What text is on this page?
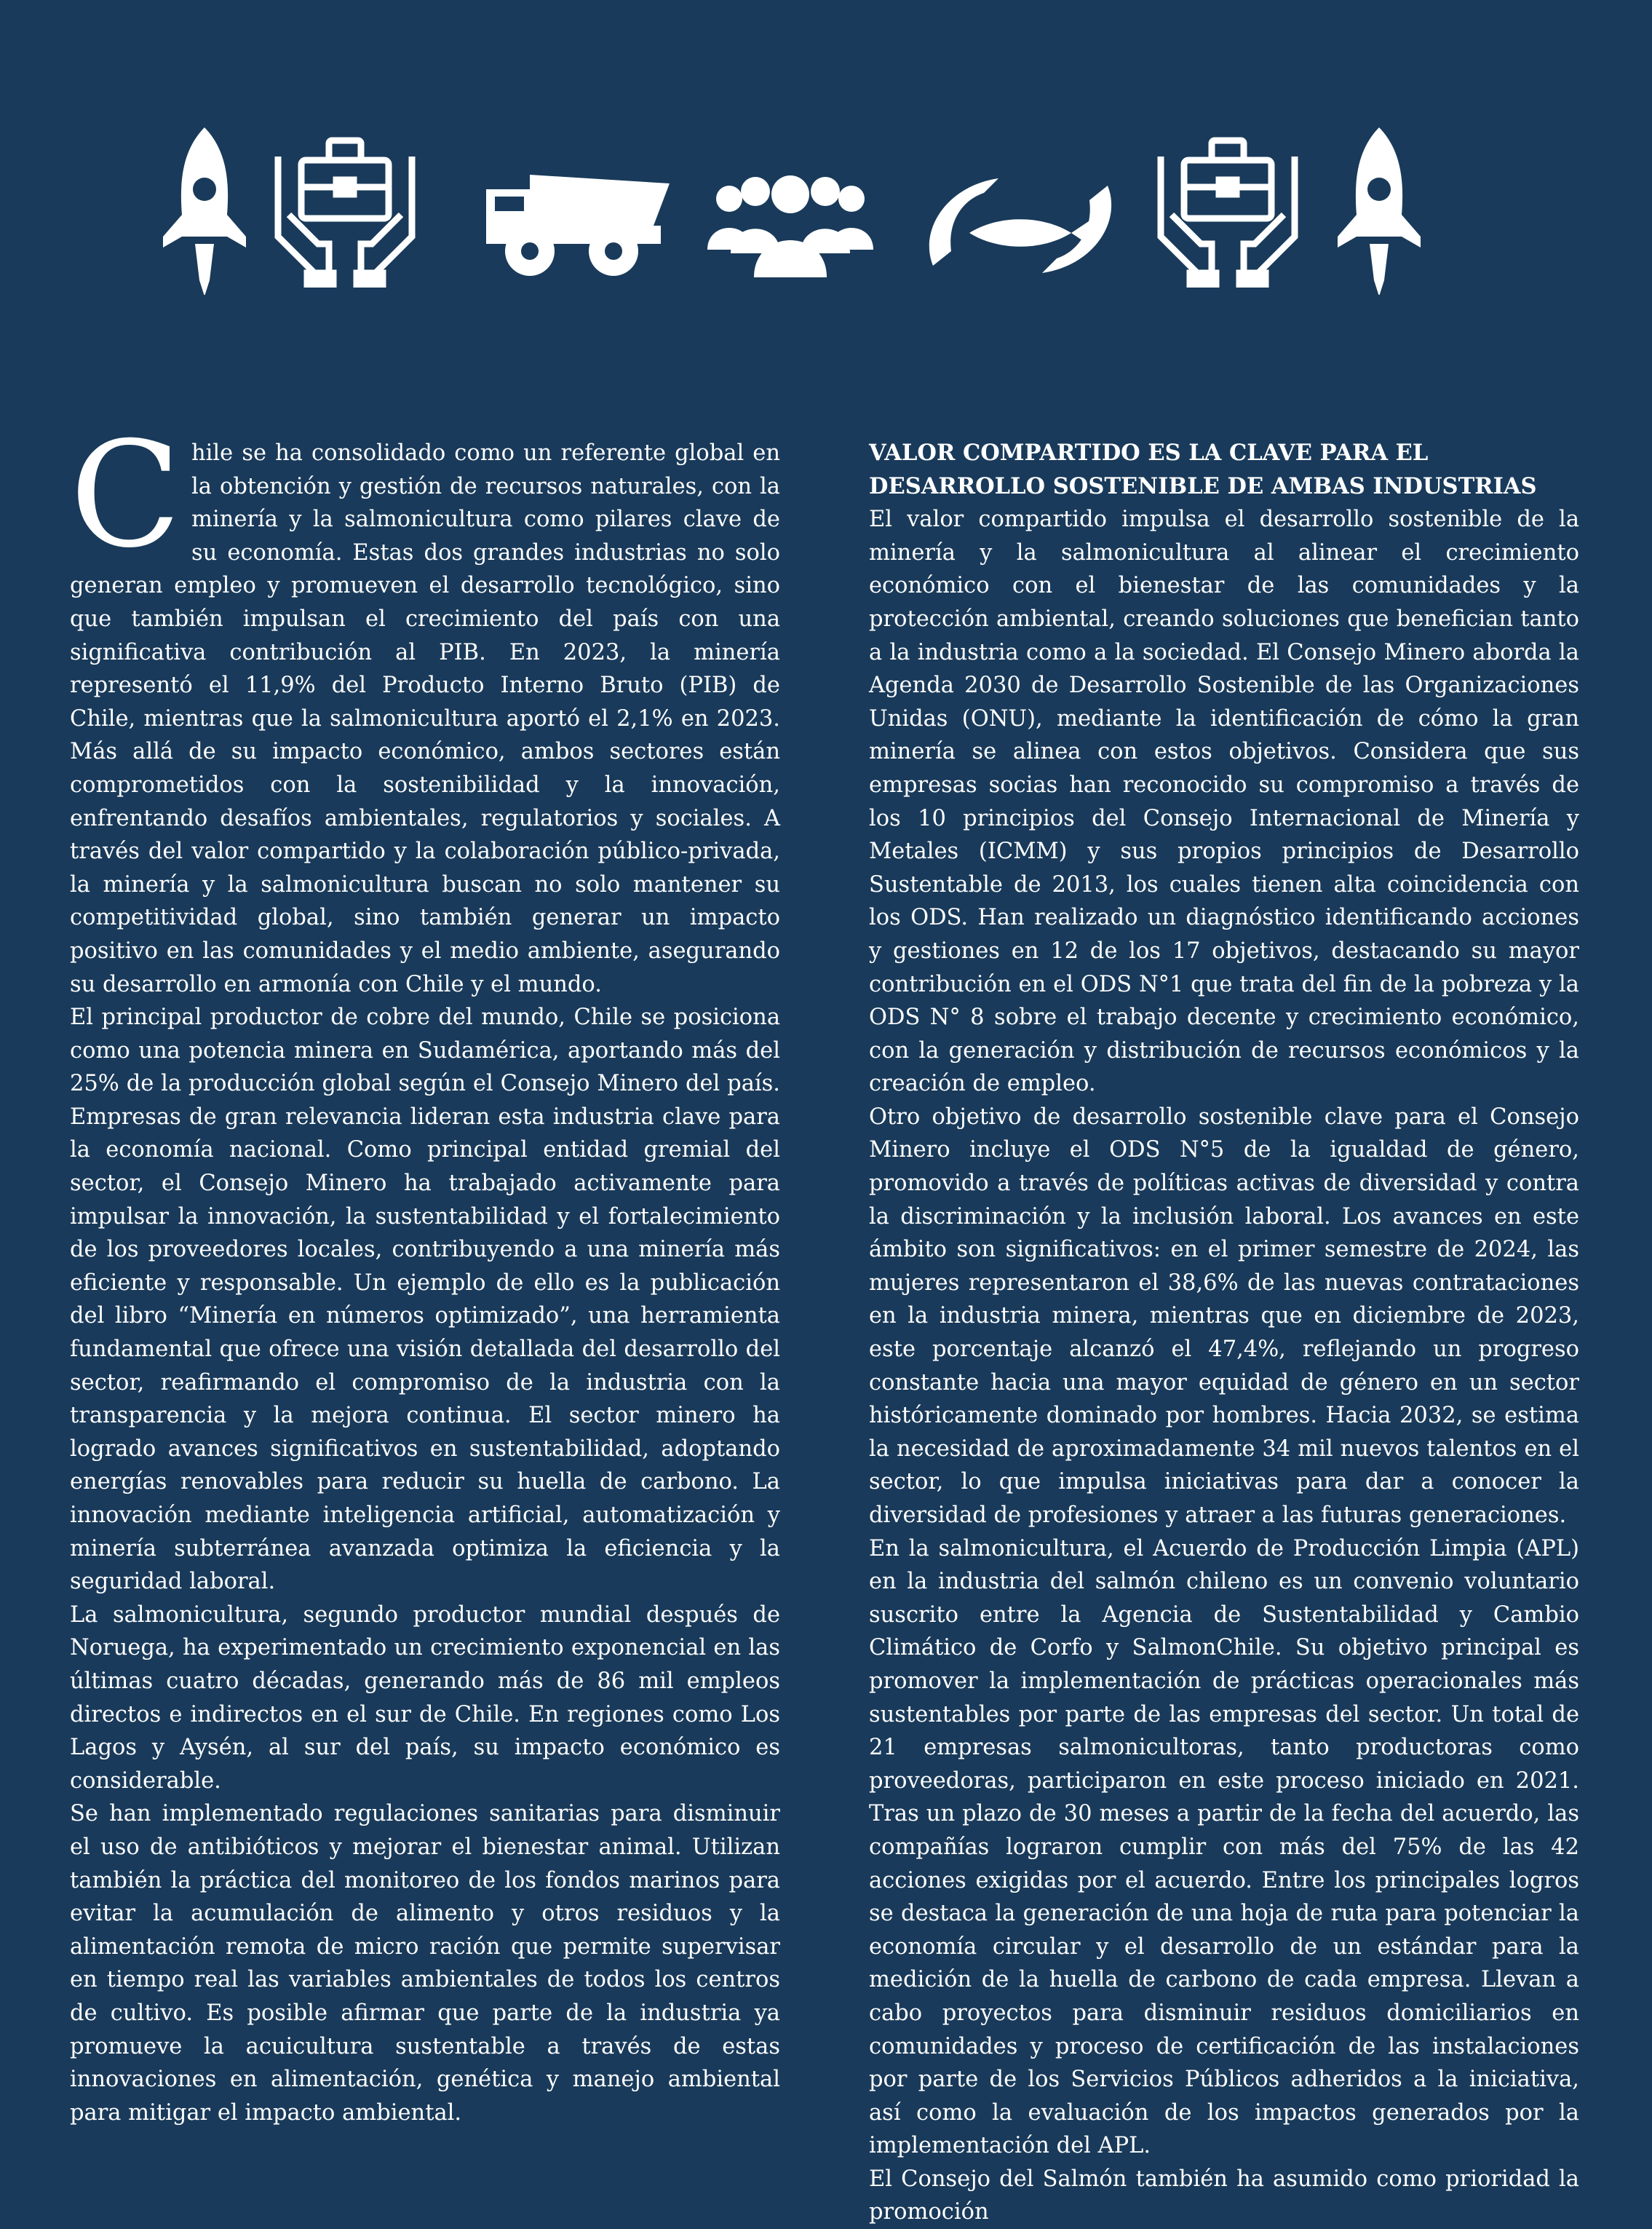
C hile se ha consolidado como un referente global en la obtención y gestión de recursos naturales, con la minería y la salmonicultura como pilares clave de su economía. Estas dos grandes industrias no solo generan empleo y promueven el desarrollo tecnológico, sino que también impulsan el crecimiento del país con una significativa contribución al PIB. En 2023, la minería representó el 11,9% del Producto Interno Bruto (PIB) de Chile, mientras que la salmonicultura aportó el 2,1% en 2023. Más allá de su impacto económico, ambos sectores están comprometidos con la sostenibilidad y la innovación, enfrentando desafíos ambientales, regulatorios y sociales. A través del valor compartido y la colaboración público-privada, la minería y la salmonicultura buscan no solo mantener su competitividad global, sino también generar un impacto positivo en las comunidades y el medio ambiente, asegurando su desarrollo en armonía con Chile y el mundo.

El principal productor de cobre del mundo, Chile se posiciona como una potencia minera en Sudamérica, aportando más del 25% de la producción global según el Consejo Minero del país. Empresas de gran relevancia lideran esta industria clave para la economía nacional. Como principal entidad gremial del sector, el Consejo Minero ha trabajado activamente para impulsar la innovación, la sustentabilidad y el fortalecimiento de los proveedores locales, contribuyendo a una minería más eficiente y responsable. Un ejemplo de ello es la publicación del libro “Minería en números optimizado”, una herramienta fundamental que ofrece una visión detallada del desarrollo del sector, reafirmando el compromiso de la industria con la transparencia y la mejora continua. El sector minero ha logrado avances significativos en sustentabilidad, adoptando energías renovables para reducir su huella de carbono. La innovación mediante inteligencia artificial, automatización y minería subterránea avanzada optimiza la eficiencia y la seguridad laboral.

La salmonicultura, segundo productor mundial después de Noruega, ha experimentado un crecimiento exponencial en las últimas cuatro décadas, generando más de 86 mil empleos directos e indirectos en el sur de Chile. En regiones como Los Lagos y Aysén, al sur del país, su impacto económico es considerable.

Se han implementado regulaciones sanitarias para disminuir el uso de antibióticos y mejorar el bienestar animal. Utilizan también la práctica del monitoreo de los fondos marinos para evitar la acumulación de alimento y otros residuos y la alimentación remota de micro ración que permite supervisar en tiempo real las variables ambientales de todos los centros de cultivo. Es posible afirmar que parte de la industria ya promueve la acuicultura sustentable a través de estas innovaciones en alimentación, genética y manejo ambiental para mitigar el impacto ambiental.

VALOR COMPARTIDO ES LA CLAVE PARA EL DESARROLLO SOSTENIBLE DE AMBAS INDUSTRIAS

El valor compartido impulsa el desarrollo sostenible de la minería y la salmonicultura al alinear el crecimiento económico con el bienestar de las comunidades y la protección ambiental, creando soluciones que benefician tanto a la industria como a la sociedad. El Consejo Minero aborda la Agenda 2030 de Desarrollo Sostenible de las Organizaciones Unidas (ONU), mediante la identificación de cómo la gran minería se alinea con estos objetivos. Considera que sus empresas socias han reconocido su compromiso a través de los 10 principios del Consejo Internacional de Minería y Metales (ICMM) y sus propios principios de Desarrollo Sustentable de 2013, los cuales tienen alta coincidencia con los ODS. Han realizado un diagnóstico identificando acciones y gestiones en 12 de los 17 objetivos, destacando su mayor contribución en el ODS N°1 que trata del fin de la pobreza y la ODS N° 8 sobre el trabajo decente y crecimiento económico, con la generación y distribución de recursos económicos y la creación de empleo.

Otro objetivo de desarrollo sostenible clave para el Consejo Minero incluye el ODS N°5 de la igualdad de género, promovido a través de políticas activas de diversidad y contra la discriminación y la inclusión laboral. Los avances en este ámbito son significativos: en el primer semestre de 2024, las mujeres representaron el 38,6% de las nuevas contrataciones en la industria minera, mientras que en diciembre de 2023, este porcentaje alcanzó el 47,4%, reflejando un progreso constante hacia una mayor equidad de género en un sector históricamente dominado por hombres. Hacia 2032, se estima la necesidad de aproximadamente 34 mil nuevos talentos en el sector, lo que impulsa iniciativas para dar a conocer la diversidad de profesiones y atraer a las futuras generaciones.

En la salmonicultura, el Acuerdo de Producción Limpia (APL) en la industria del salmón chileno es un convenio voluntario suscrito entre la Agencia de Sustentabilidad y Cambio Climático de Corfo y SalmonChile. Su objetivo principal es promover la implementación de prácticas operacionales más sustentables por parte de las empresas del sector. Un total de 21 empresas salmonicultoras, tanto productoras como proveedoras, participaron en este proceso iniciado en 2021. Tras un plazo de 30 meses a partir de la fecha del acuerdo, las compañías lograron cumplir con más del 75% de las 42 acciones exigidas por el acuerdo. Entre los principales logros se destaca la generación de una hoja de ruta para potenciar la economía circular y el desarrollo de un estándar para la medición de la huella de carbono de cada empresa. Llevan a cabo proyectos para disminuir residuos domiciliarios en comunidades y proceso de certificación de las instalaciones por parte de los Servicios Públicos adheridos a la iniciativa, así como la evaluación de los impactos generados por la implementación del APL.

El Consejo del Salmón también ha asumido como prioridad la promoción
